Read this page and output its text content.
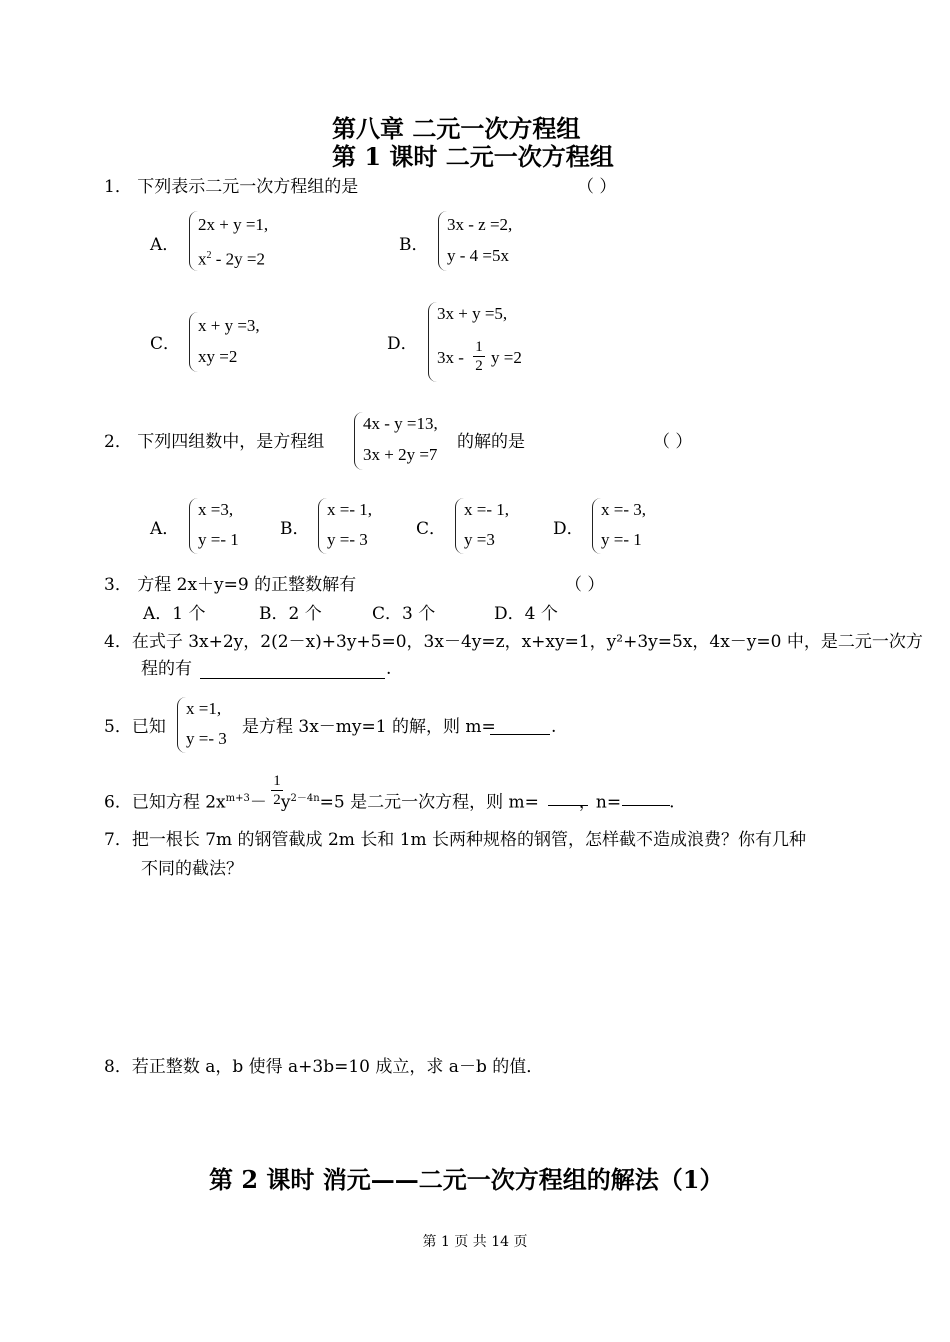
第八章 二元一次方程组
第 1 课时 二元一次方程组
1． 下列表示二元一次方程组的是	（ ）
A．
2x + y =1,
$x^2 - 2y =2$
B．
3x - z =2,
y - 4 =5x
C．
x + y =3,
xy =2
D．
3x + y =5,
$3x - \frac{1}{2}$ y =2
2． 下列四组数中，是方程组
4x - y =13,
3x + 2y =7
的解的是	（ ）
A．
x =3,
y =- 1
B．
x =- 1,
y =- 3
C．
x =- 1,
y =3
D．
x =- 3,
y =- 1
3． 方程 2x＋y=9 的正整数解有	（ ）
A．1 个	B．2 个	C．3 个	D．4 个
4．在式子 3x+2y，2(2－x)+3y+5=0，3x－4y=z，x+xy=1，y²+3y=5x，4x－y=0 中，是二元一次方
程的有	.
5．已知
x =1,
y =- 3
是方程 3x－my=1 的解，则 m=	.
6．已知方程 $2x^{m+3}- y^{2-4n}=5$ 是二元一次方程，则 m= ，n=	.
$\frac{1}{2}$
7．把一根长 7m 的钢管截成 2m 长和 1m 长两种规格的钢管，怎样截不造成浪费？你有几种
不同的截法？
8．若正整数 a，b 使得 a+3b=10 成立，求 a－b 的值．
第 2 课时 消元——二元一次方程组的解法（1）
第 1 页 共 14 页
